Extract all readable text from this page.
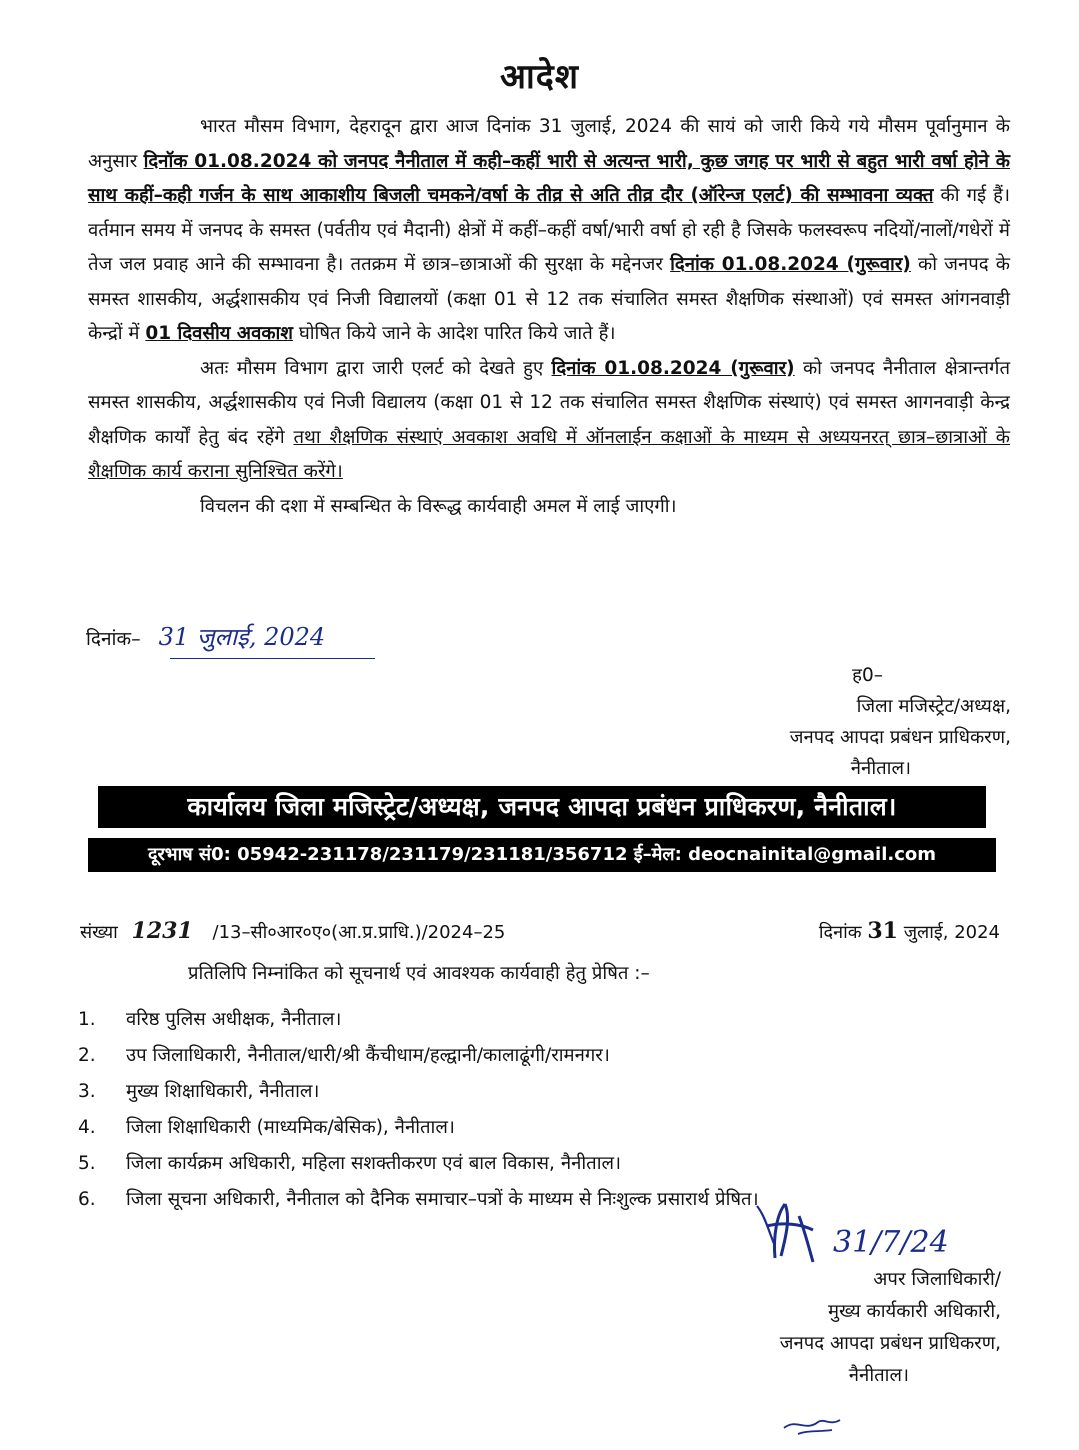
आदेश

भारत मौसम विभाग, देहरादून द्वारा आज दिनांक 31 जुलाई, 2024 की सायं को जारी किये गये मौसम पूर्वानुमान के अनुसार दिनॉक 01.08.2024 को जनपद नैनीताल में कही–कहीं भारी से अत्यन्त भारी, कुछ जगह पर भारी से बहुत भारी वर्षा होने के साथ कहीं–कही गर्जन के साथ आकाशीय बिजली चमकने/वर्षा के तीव्र से अति तीव्र दौर (ऑरेन्ज एलर्ट) की सम्भावना व्यक्त की गई हैं। वर्तमान समय में जनपद के समस्त (पर्वतीय एवं मैदानी) क्षेत्रों में कहीं–कहीं वर्षा/भारी वर्षा हो रही है जिसके फलस्वरूप नदियों/नालों/गधेरों में तेज जल प्रवाह आने की सम्भावना है। ततक्रम में छात्र–छात्राओं की सुरक्षा के मद्देनजर दिनांक 01.08.2024 (गुरूवार) को जनपद के समस्त शासकीय, अर्द्धशासकीय एवं निजी विद्यालयों (कक्षा 01 से 12 तक संचालित समस्त शैक्षणिक संस्थाओं) एवं समस्त आंगनवाड़ी केन्द्रों में 01 दिवसीय अवकाश घोषित किये जाने के आदेश पारित किये जाते हैं।

अतः मौसम विभाग द्वारा जारी एलर्ट को देखते हुए दिनांक 01.08.2024 (गुरूवार) को जनपद नैनीताल क्षेत्रान्तर्गत समस्त शासकीय, अर्द्धशासकीय एवं निजी विद्यालय (कक्षा 01 से 12 तक संचालित समस्त शैक्षणिक संस्थाएं) एवं समस्त आगनवाड़ी केन्द्र शैक्षणिक कार्यों हेतु बंद रहेंगे तथा शैक्षणिक संस्थाएं अवकाश अवधि में ऑनलाईन कक्षाओं के माध्यम से अध्ययनरत् छात्र–छात्राओं के शैक्षणिक कार्य कराना सुनिश्चित करेंगे।

विचलन की दशा में सम्बन्धित के विरूद्ध कार्यवाही अमल में लाई जाएगी।

दिनांक– 31 जुलाई, 2024
ह0–
जिला मजिस्ट्रेट/अध्यक्ष,
जनपद आपदा प्रबंधन प्राधिकरण,
नैनीताल।
कार्यालय जिला मजिस्ट्रेट/अध्यक्ष, जनपद आपदा प्रबंधन प्राधिकरण, नैनीताल।
दूरभाष सं0: 05942-231178/231179/231181/356712 ई–मेल: deocnainital@gmail.com
संख्या 1231 /13–सी०आर०ए०(आ.प्र.प्राधि.)/2024–25	दिनांक 31 जुलाई, 2024
प्रतिलिपि निम्नांकित को सूचनार्थ एवं आवश्यक कार्यवाही हेतु प्रेषित :–
1.	वरिष्ठ पुलिस अधीक्षक, नैनीताल।
2.	उप जिलाधिकारी, नैनीताल/धारी/श्री कैंचीधाम/हल्द्वानी/कालाढूंगी/रामनगर।
3.	मुख्य शिक्षाधिकारी, नैनीताल।
4.	जिला शिक्षाधिकारी (माध्यमिक/बेसिक), नैनीताल।
5.	जिला कार्यक्रम अधिकारी, महिला सशक्तीकरण एवं बाल विकास, नैनीताल।
6.	जिला सूचना अधिकारी, नैनीताल को दैनिक समाचार–पत्रों के माध्यम से निःशुल्क प्रसारार्थ प्रेषित।
31/7/24
अपर जिलाधिकारी/
मुख्य कार्यकारी अधिकारी,
जनपद आपदा प्रबंधन प्राधिकरण,
नैनीताल।
